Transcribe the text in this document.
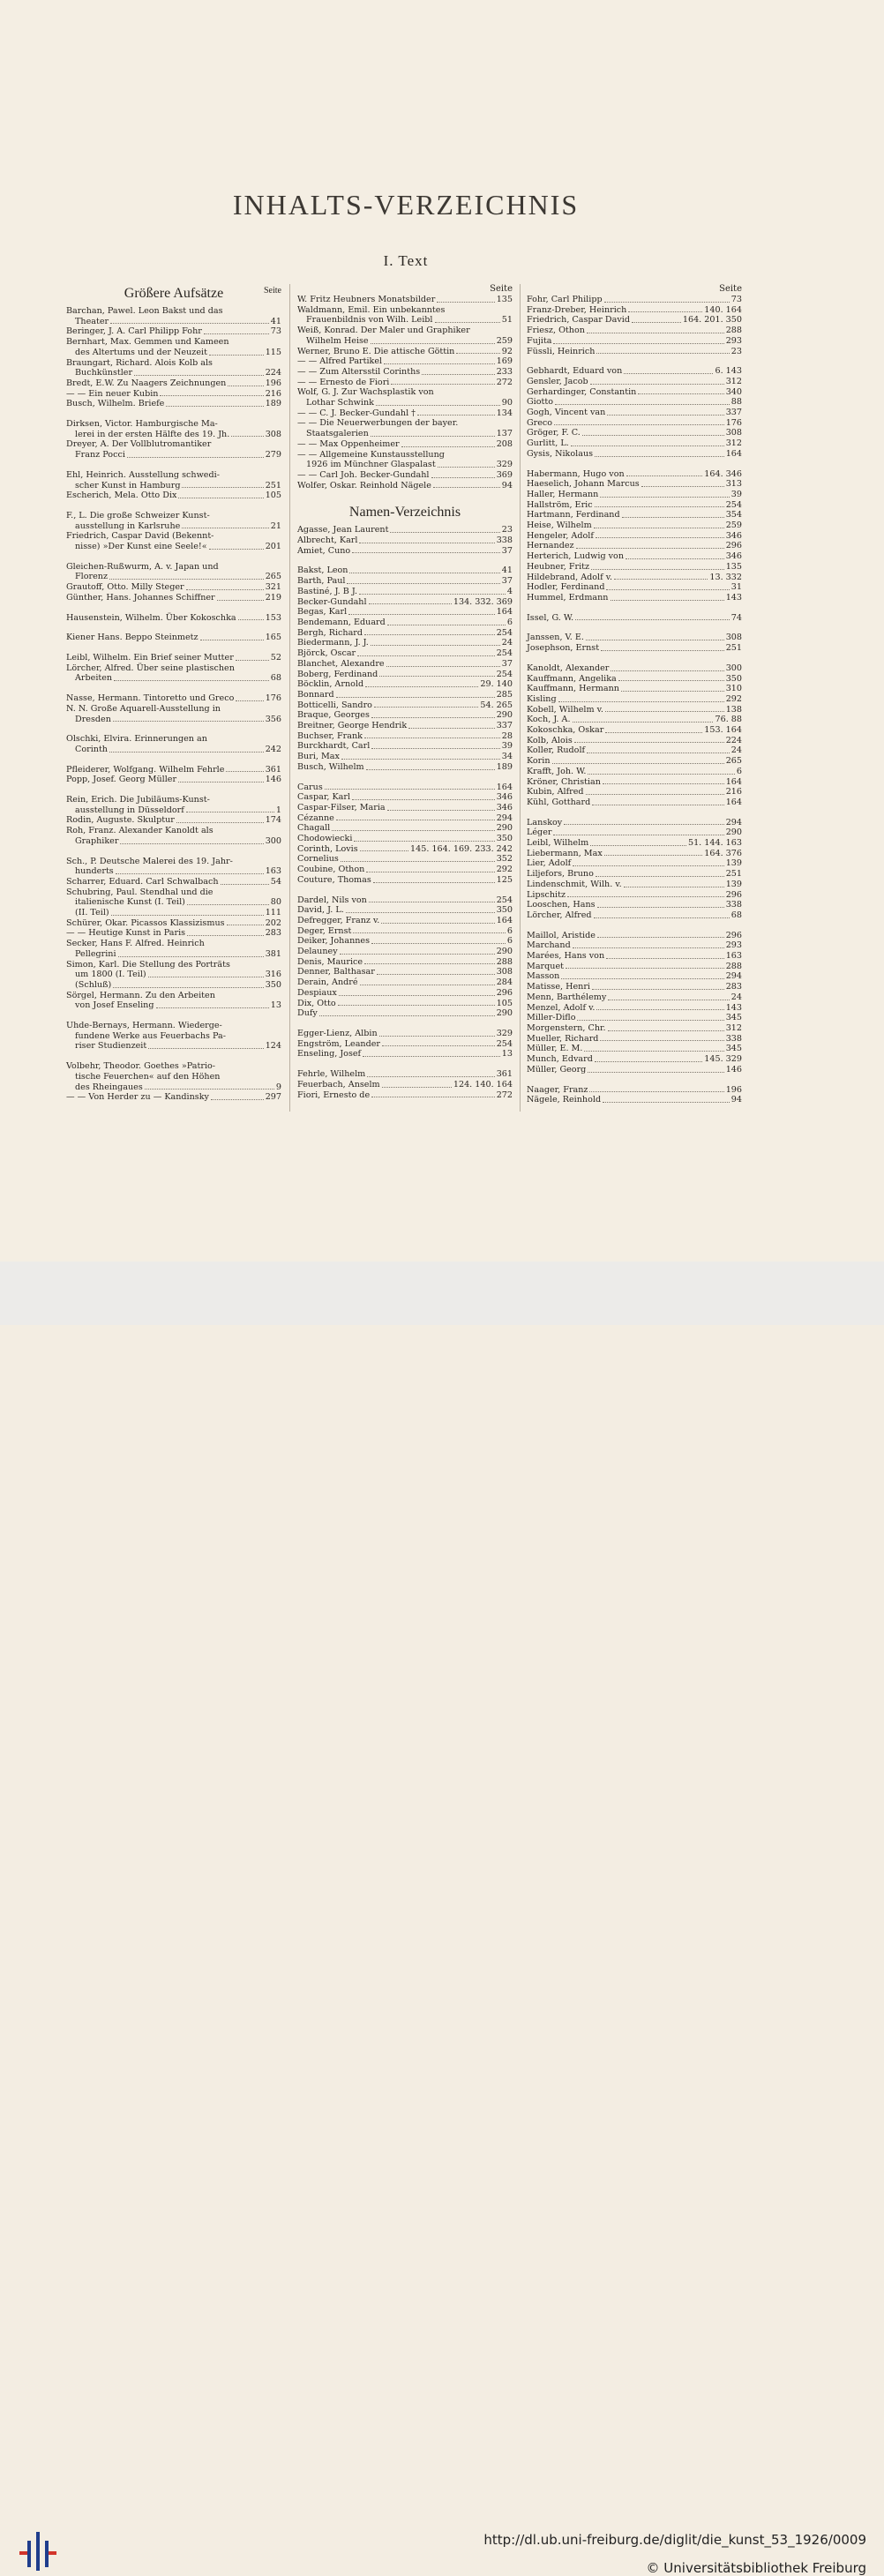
INHALTS-VERZEICHNIS
I. Text
Größere Aufsätze	Seite
Barchan, Pawel. Leon Bakst und das
Theater	41
Beringer, J. A. Carl Philipp Fohr	73
Bernhart, Max. Gemmen und Kameen
des Altertums und der Neuzeit	115
Braungart, Richard. Alois Kolb als
Buchkünstler	224
Bredt, E.W. Zu Naagers Zeichnungen	196
— — Ein neuer Kubin	216
Busch, Wilhelm. Briefe	189
Dirksen, Victor. Hamburgische Ma-
lerei in der ersten Hälfte des 19. Jh.	308
Dreyer, A. Der Vollblutromantiker
Franz Pocci	279
Ehl, Heinrich. Ausstellung schwedi-
scher Kunst in Hamburg	251
Escherich, Mela. Otto Dix	105
F., L. Die große Schweizer Kunst-
ausstellung in Karlsruhe	21
Friedrich, Caspar David (Bekennt-
nisse) »Der Kunst eine Seele!«	201
Gleichen-Rußwurm, A. v. Japan und
Florenz	265
Grautoff, Otto. Milly Steger	321
Günther, Hans. Johannes Schiffner	219
Hausenstein, Wilhelm. Über Kokoschka	153
Kiener Hans. Beppo Steinmetz	165
Leibl, Wilhelm. Ein Brief seiner Mutter	52
Lörcher, Alfred. Über seine plastischen
Arbeiten	68
Nasse, Hermann. Tintoretto und Greco	176
N. N. Große Aquarell-Ausstellung in
Dresden	356
Olschki, Elvira. Erinnerungen an
Corinth	242
Pfleiderer, Wolfgang. Wilhelm Fehrle	361
Popp, Josef. Georg Müller	146
Rein, Erich. Die Jubiläums-Kunst-
ausstellung in Düsseldorf	1
Rodin, Auguste. Skulptur	174
Roh, Franz. Alexander Kanoldt als
Graphiker	300
Sch., P. Deutsche Malerei des 19. Jahr-
hunderts	163
Scharrer, Eduard. Carl Schwalbach	54
Schubring, Paul. Stendhal und die
italienische Kunst (I. Teil)	80
(II. Teil)	111
Schürer, Okar. Picassos Klassizismus	202
— — Heutige Kunst in Paris	283
Secker, Hans F. Alfred. Heinrich
Pellegrini	381
Simon, Karl. Die Stellung des Porträts
um 1800 (I. Teil)	316
(Schluß)	350
Sörgel, Hermann. Zu den Arbeiten
von Josef Enseling	13
Uhde-Bernays, Hermann. Wiederge-
fundene Werke aus Feuerbachs Pa-
riser Studienzeit	124
Volbehr, Theodor. Goethes »Patrio-
tische Feuerchen« auf den Höhen
des Rheingaues	9
— — Von Herder zu — Kandinsky	297
Seite
W. Fritz Heubners Monatsbilder	135
Waldmann, Emil. Ein unbekanntes
Frauenbildnis von Wilh. Leibl	51
Weiß, Konrad. Der Maler und Graphiker
Wilhelm Heise	259
Werner, Bruno E. Die attische Göttin	92
— — Alfred Partikel	169
— — Zum Altersstil Corinths	233
— — Ernesto de Fiori	272
Wolf, G. J. Zur Wachsplastik von
Lothar Schwink	90
— — C. J. Becker-Gundahl †	134
— — Die Neuerwerbungen der bayer.
Staatsgalerien	137
— — Max Oppenheimer	208
— — Allgemeine Kunstausstellung
1926 im Münchner Glaspalast	329
— — Carl Joh. Becker-Gundahl	369
Wolfer, Oskar. Reinhold Nägele	94
Namen-Verzeichnis
Agasse, Jean Laurent	23
Albrecht, Karl	338
Amiet, Cuno	37
Bakst, Leon	41
Barth, Paul	37
Bastiné, J. B J.	4
Becker-Gundahl	134. 332. 369
Begas, Karl	164
Bendemann, Eduard	6
Bergh, Richard	254
Biedermann, J. J.	24
Björck, Oscar	254
Blanchet, Alexandre	37
Boberg, Ferdinand	254
Böcklin, Arnold	29. 140
Bonnard	285
Botticelli, Sandro	54. 265
Braque, Georges	290
Breitner, George Hendrik	337
Buchser, Frank	28
Burckhardt, Carl	39
Buri, Max	34
Busch, Wilhelm	189
Carus	164
Caspar, Karl	346
Caspar-Filser, Maria	346
Cézanne	294
Chagall	290
Chodowiecki	350
Corinth, Lovis	145. 164. 169. 233. 242
Cornelius	352
Coubine, Othon	292
Couture, Thomas	125
Dardel, Nils von	254
David, J. L.	350
Defregger, Franz v.	164
Deger, Ernst	6
Deiker, Johannes	6
Delauney	290
Denis, Maurice	288
Denner, Balthasar	308
Derain, André	284
Despiaux	296
Dix, Otto	105
Dufy	290
Egger-Lienz, Albin	329
Engström, Leander	254
Enseling, Josef	13
Fehrle, Wilhelm	361
Feuerbach, Anselm	124. 140. 164
Fiori, Ernesto de	272
Seite
Fohr, Carl Philipp	73
Franz-Dreber, Heinrich	140. 164
Friedrich, Caspar David	164. 201. 350
Friesz, Othon	288
Fujita	293
Füssli, Heinrich	23
Gebhardt, Eduard von	6. 143
Gensler, Jacob	312
Gerhardinger, Constantin	340
Giotto	88
Gogh, Vincent van	337
Greco	176
Gröger, F. C.	308
Gurlitt, L.	312
Gysis, Nikolaus	164
Habermann, Hugo von	164. 346
Haeselich, Johann Marcus	313
Haller, Hermann	39
Hallström, Eric	254
Hartmann, Ferdinand	354
Heise, Wilhelm	259
Hengeler, Adolf	346
Hernandez	296
Herterich, Ludwig von	346
Heubner, Fritz	135
Hildebrand, Adolf v.	13. 332
Hodler, Ferdinand	31
Hummel, Erdmann	143
Issel, G. W.	74
Janssen, V. E.	308
Josephson, Ernst	251
Kanoldt, Alexander	300
Kauffmann, Angelika	350
Kauffmann, Hermann	310
Kisling	292
Kobell, Wilhelm v.	138
Koch, J. A.	76. 88
Kokoschka, Oskar	153. 164
Kolb, Alois	224
Koller, Rudolf	24
Korin	265
Krafft, Joh. W.	6
Kröner, Christian	164
Kubin, Alfred	216
Kühl, Gotthard	164
Lanskoy	294
Léger	290
Leibl, Wilhelm	51. 144. 163
Liebermann, Max	164. 376
Lier, Adolf	139
Liljefors, Bruno	251
Lindenschmit, Wilh. v.	139
Lipschitz	296
Looschen, Hans	338
Lörcher, Alfred	68
Maillol, Aristide	296
Marchand	293
Marées, Hans von	163
Marquet	288
Masson	294
Matisse, Henri	283
Menn, Barthélemy	24
Menzel, Adolf v.	143
Miller-Diflo	345
Morgenstern, Chr.	312
Mueller, Richard	338
Müller, E. M.	345
Munch, Edvard	145. 329
Müller, Georg	146
Naager, Franz	196
Nägele, Reinhold	94
http://dl.ub.uni-freiburg.de/diglit/die_kunst_53_1926/0009
© Universitätsbibliothek Freiburg
